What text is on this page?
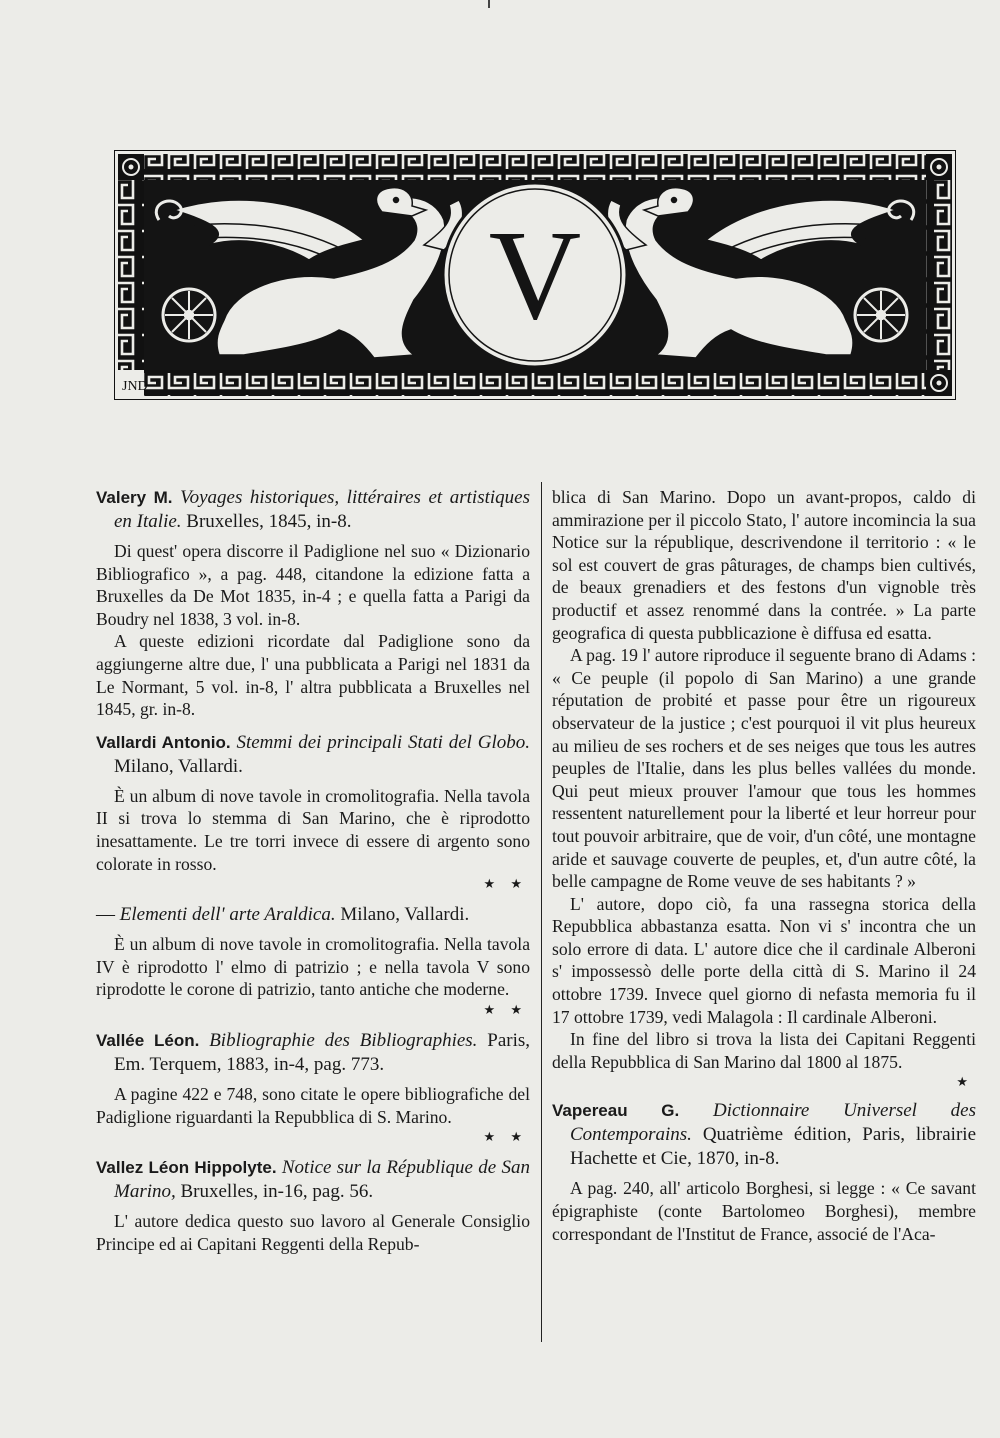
V
JND

Valery M. Voyages historiques, littéraires et artistiques en Italie. Bruxelles, 1845, in-8.

Di quest' opera discorre il Padiglione nel suo « Dizionario Bibliografico », a pag. 448, citandone la edizione fatta a Bruxelles da De Mot 1835, in-4 ; e quella fatta a Parigi da Boudry nel 1838, 3 vol. in-8.

A queste edizioni ricordate dal Padiglione sono da aggiungerne altre due, l' una pubblicata a Parigi nel 1831 da Le Normant, 5 vol. in-8, l' altra pubblicata a Bruxelles nel 1845, gr. in-8.

Vallardi Antonio. Stemmi dei principali Stati del Globo. Milano, Vallardi.

È un album di nove tavole in cromolitografia. Nella tavola II si trova lo stemma di San Marino, che è riprodotto inesattamente. Le tre torri invece di essere di argento sono colorate in rosso.

★ ★

— Elementi dell' arte Araldica. Milano, Vallardi.

È un album di nove tavole in cromolitografia. Nella tavola IV è riprodotto l' elmo di patrizio ; e nella tavola V sono riprodotte le corone di patrizio, tanto antiche che moderne.

★ ★

Vallée Léon. Bibliographie des Bibliographies. Paris, Em. Terquem, 1883, in-4, pag. 773.

A pagine 422 e 748, sono citate le opere bibliografiche del Padiglione riguardanti la Repubblica di S. Marino.

★ ★

Vallez Léon Hippolyte. Notice sur la République de San Marino, Bruxelles, in-16, pag. 56.

L' autore dedica questo suo lavoro al Generale Consiglio Principe ed ai Capitani Reggenti della Repub-

blica di San Marino. Dopo un avant-propos, caldo di ammirazione per il piccolo Stato, l' autore incomincia la sua Notice sur la république, descrivendone il territorio : « le sol est couvert de gras pâturages, de champs bien cultivés, de beaux grenadiers et des festons d'un vignoble très productif et assez renommé dans la contrée. » La parte geografica di questa pubblicazione è diffusa ed esatta.

A pag. 19 l' autore riproduce il seguente brano di Adams : « Ce peuple (il popolo di San Marino) a une grande réputation de probité et passe pour être un rigoureux observateur de la justice ; c'est pourquoi il vit plus heureux au milieu de ses rochers et de ses neiges que tous les autres peuples de l'Italie, dans les plus belles vallées du monde. Qui peut mieux prouver l'amour que tous les hommes ressentent naturellement pour la liberté et leur horreur pour tout pouvoir arbitraire, que de voir, d'un côté, une montagne aride et sauvage couverte de peuples, et, d'un autre côté, la belle campagne de Rome veuve de ses habitants ? »

L' autore, dopo ciò, fa una rassegna storica della Repubblica abbastanza esatta. Non vi s' incontra che un solo errore di data. L' autore dice che il cardinale Alberoni s' impossessò delle porte della città di S. Marino il 24 ottobre 1739. Invece quel giorno di nefasta memoria fu il 17 ottobre 1739, vedi Malagola : Il cardinale Alberoni.

In fine del libro si trova la lista dei Capitani Reggenti della Repubblica di San Marino dal 1800 al 1875.

★

Vapereau G. Dictionnaire Universel des Contemporains. Quatrième édition, Paris, librairie Hachette et Cie, 1870, in-8.

A pag. 240, all' articolo Borghesi, si legge : « Ce savant épigraphiste (conte Bartolomeo Borghesi), membre correspondant de l'Institut de France, associé de l'Aca-
